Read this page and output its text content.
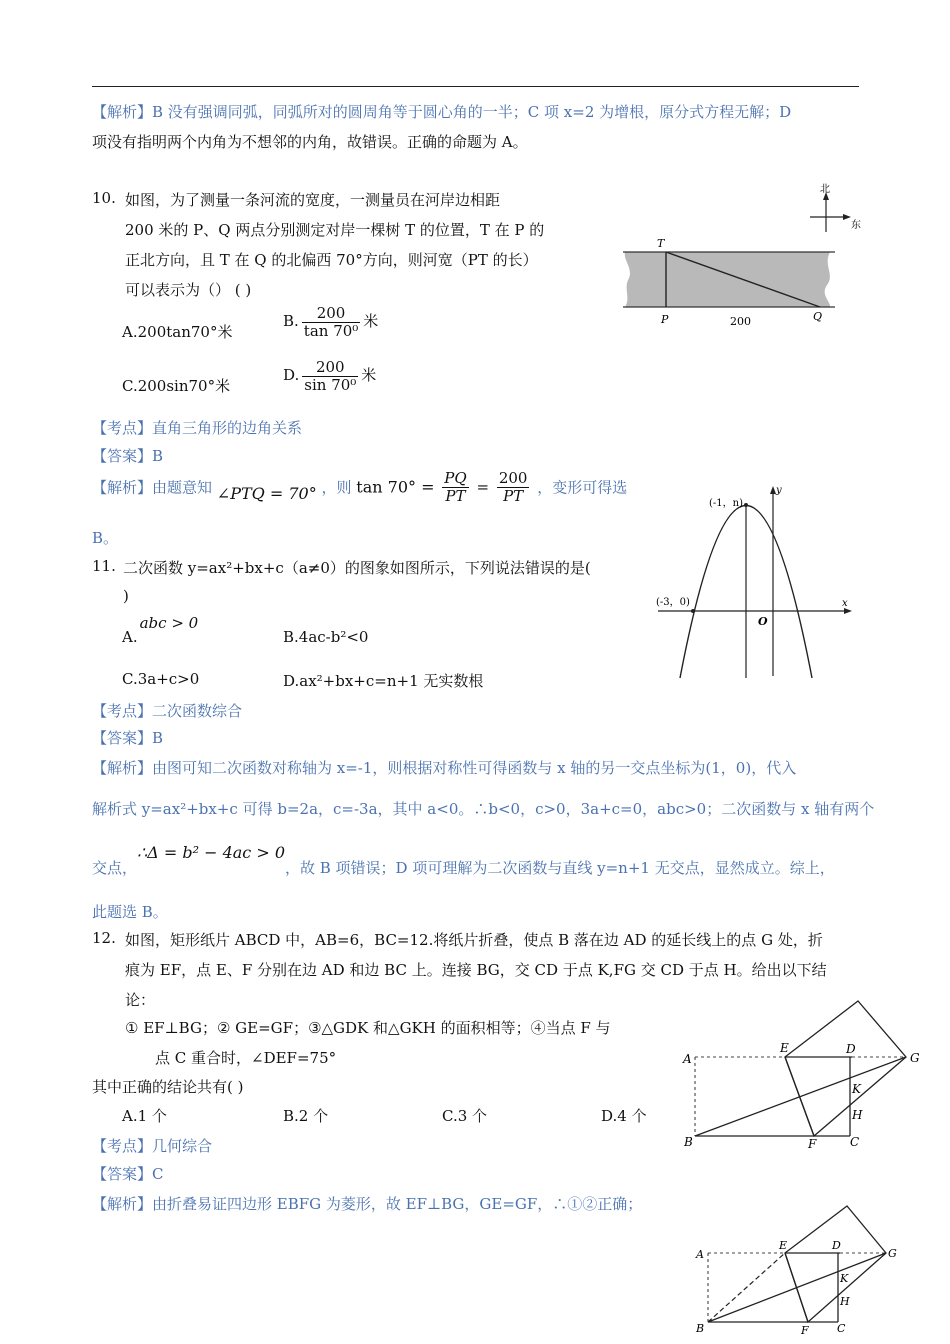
【解析】B 没有强调同弧，同弧所对的圆周角等于圆心角的一半；C 项 x=2 为增根，原分式方程无解；D
项没有指明两个内角为不想邻的内角，故错误。正确的命题为 A。
10. 如图，为了测量一条河流的宽度，一测量员在河岸边相距
200 米的 P、Q 两点分别测定对岸一棵树 T 的位置，T 在 P 的
正北方向，且 T 在 Q 的北偏西 70°方向，则河宽（PT 的长）
可以表示为（） ( )
A.200tan70°米
B. $\frac{200}{\text{tan 70⁰}}$ 米
C.200sin70°米
D. $\frac{200}{\text{sin 70⁰}}$ 米
【考点】直角三角形的边角关系
【答案】B
【解析】由题意知 ∠PTQ = 70° ，则 $\tan 70^\circ = \frac{PQ}{PT} = \frac{200}{PT}$ ，变形可得选
B。
北
东
T
P	Q
200
11. 二次函数 y=ax²+bx+c（a≠0）的图象如图所示，下列说法错误的是(
)
A.abc > 0
B.4ac-b²<0
C.3a+c>0	D.ax²+bx+c=n+1 无实数根
【考点】二次函数综合
【答案】B
【解析】由图可知二次函数对称轴为 x=-1，则根据对称性可得函数与 x 轴的另一交点坐标为(1，0)，代入
解析式 y=ax²+bx+c 可得 b=2a，c=-3a，其中 a<0。∴b<0，c>0，3a+c=0，abc>0；二次函数与 x 轴有两个
交点，∴Δ = b² − 4ac > 0，故 B 项错误；D 项可理解为二次函数与直线 y=n+1 无交点，显然成立。综上，
此题选 B。
(-1，n)
(-3，0)	x
y
O
12. 如图，矩形纸片 ABCD 中，AB=6，BC=12.将纸片折叠，使点 B 落在边 AD 的延长线上的点 G 处，折
痕为 EF，点 E、F 分别在边 AD 和边 BC 上。连接 BG，交 CD 于点 K,FG 交 CD 于点 H。给出以下结
论：
① EF⊥BG；② GE=GF；③△GDK 和△GKH 的面积相等；④当点 F 与
点 C 重合时，∠DEF=75°
其中正确的结论共有( )
A.1 个	B.2 个	C.3 个	D.4 个
【考点】几何综合
【答案】C
【解析】由折叠易证四边形 EBFG 为菱形，故 EF⊥BG，GE=GF，∴①②正确；
A
B	C
D
E
F
G
H
K
A
B	C
D
E
F
G
H
K
